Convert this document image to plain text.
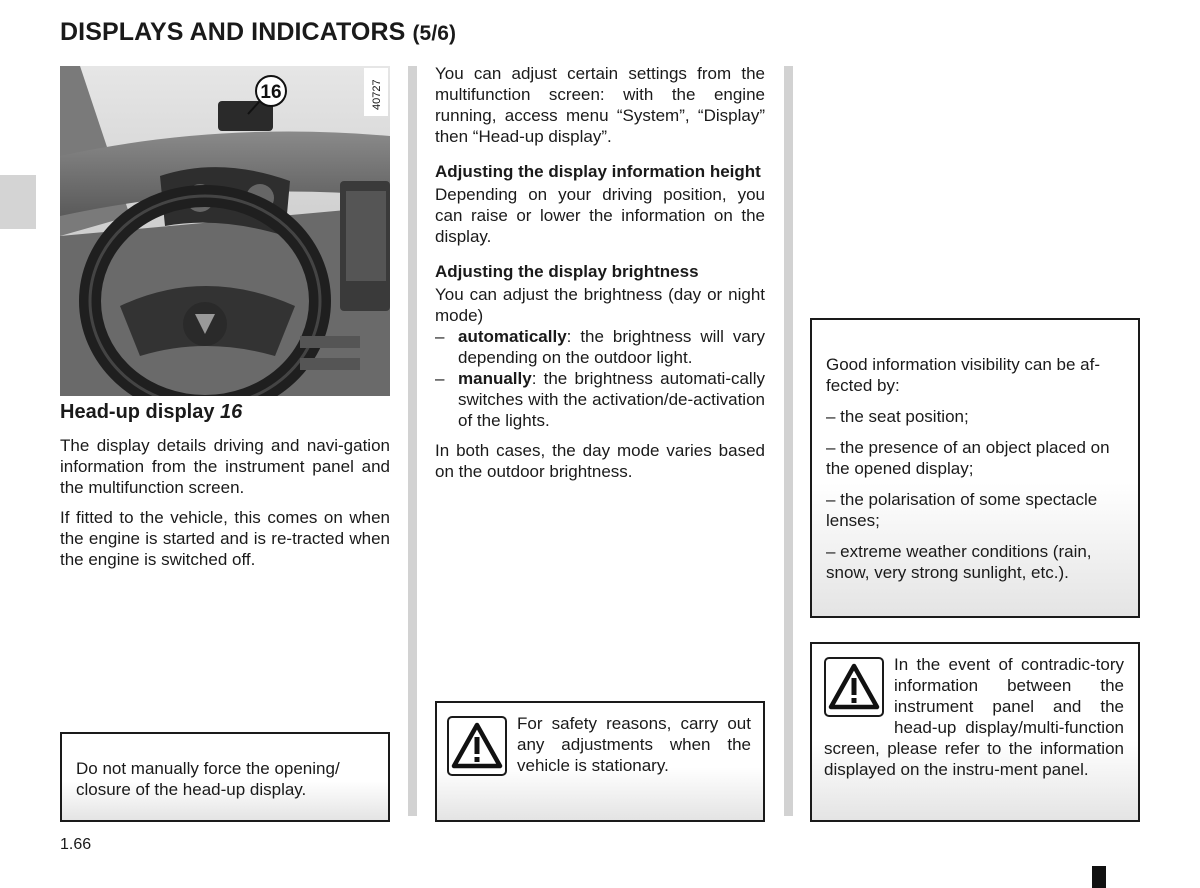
DISPLAYS AND INDICATORS (5/6)
16	40727
Head-up display 16

The display details driving and navi-gation information from the instrument panel and the multifunction screen.

If fitted to the vehicle, this comes on when the engine is started and is re-tracted when the engine is switched off.

Do not manually force the opening/ closure of the head-up display.

You can adjust certain settings from the multifunction screen: with the engine running, access menu “System”, “Display” then “Head-up display”.

Adjusting the display information height

Depending on your driving position, you can raise or lower the information on the display.

Adjusting the display brightness

You can adjust the brightness (day or night mode)

– automatically: the brightness will vary depending on the outdoor light.
– manually: the brightness automati-cally switches with the activation/de-activation of the lights.

In both cases, the day mode varies based on the outdoor brightness.

For safety reasons, carry out any adjustments when the vehicle is stationary.

Good information visibility can be af-fected by:

– the seat position;

– the presence of an object placed on the opened display;

– the polarisation of some spectacle lenses;

– extreme weather conditions (rain, snow, very strong sunlight, etc.).

In the event of contradic-tory information between the instrument panel and the head-up display/multi-function screen, please refer to the information displayed on the instru-ment panel.
1.66
